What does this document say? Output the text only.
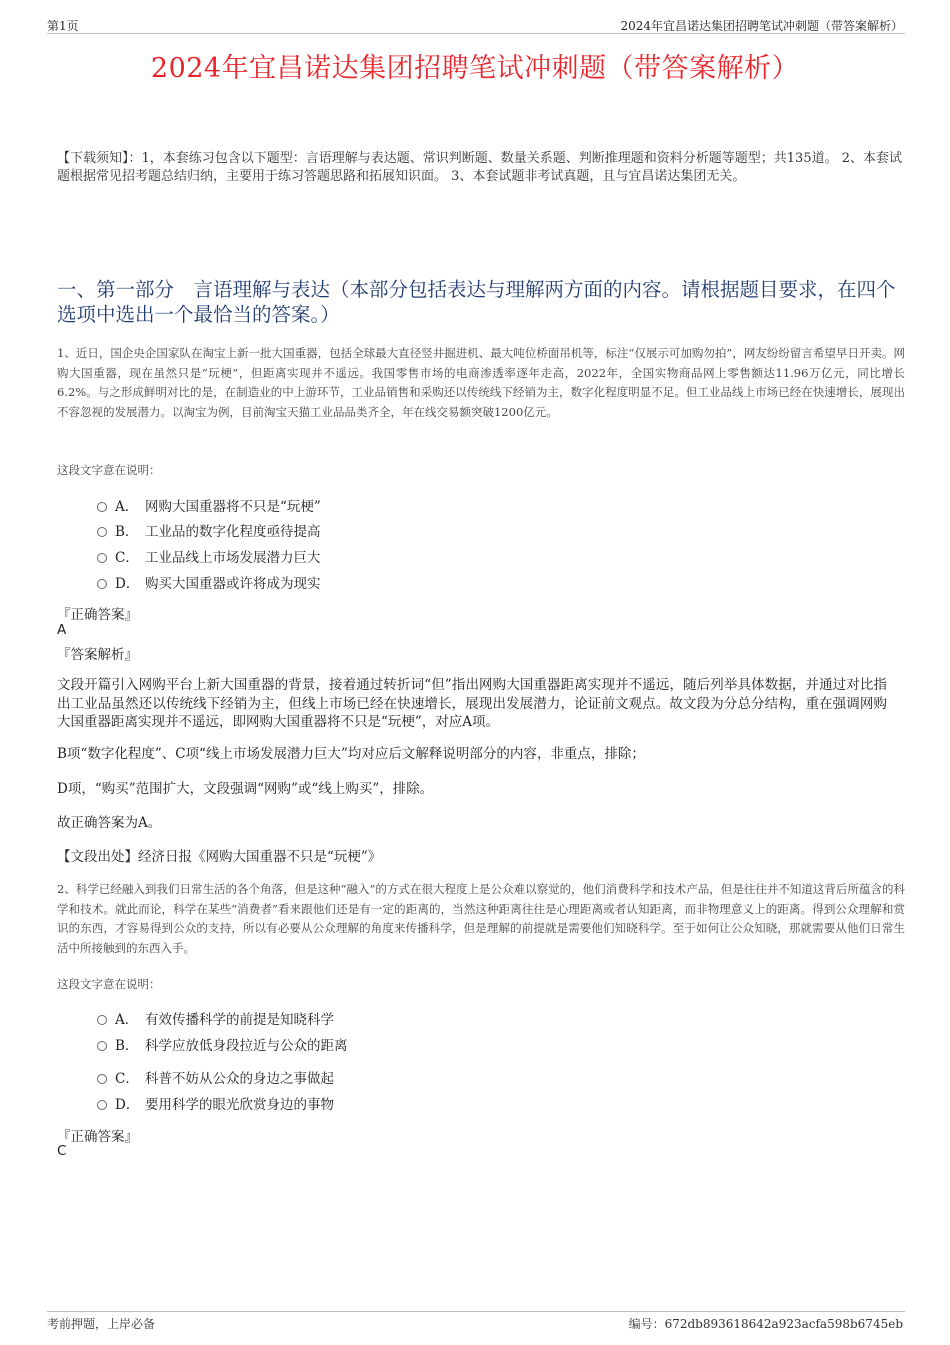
第1页	2024年宜昌诺达集团招聘笔试冲刺题（带答案解析）
2024年宜昌诺达集团招聘笔试冲刺题（带答案解析）
【下载须知】：1，本套练习包含以下题型：言语理解与表达题、常识判断题、数量关系题、判断推理题和资料分析题等题型；共135道。 2、本套试题根据常见招考题总结归纳，主要用于练习答题思路和拓展知识面。 3、本套试题非考试真题，且与宜昌诺达集团无关。
一、第一部分　言语理解与表达（本部分包括表达与理解两方面的内容。请根据题目要求，在四个选项中选出一个最恰当的答案。）
1、近日，国企央企国家队在淘宝上新一批大国重器，包括全球最大直径竖井掘进机、最大吨位桥面吊机等，标注“仅展示可加购勿拍”，网友纷纷留言希望早日开卖。网购大国重器，现在虽然只是“玩梗”，但距离实现并不遥远。我国零售市场的电商渗透率逐年走高，2022年，全国实物商品网上零售额达11.96万亿元，同比增长6.2%。与之形成鲜明对比的是，在制造业的中上游环节，工业品销售和采购还以传统线下经销为主，数字化程度明显不足。但工业品线上市场已经在快速增长，展现出不容忽视的发展潜力。以淘宝为例，目前淘宝天猫工业品品类齐全，年在线交易额突破1200亿元。
这段文字意在说明：
A． 网购大国重器将不只是“玩梗”
B． 工业品的数字化程度亟待提高
C． 工业品线上市场发展潜力巨大
D． 购买大国重器或许将成为现实
『正确答案』
A
『答案解析』
文段开篇引入网购平台上新大国重器的背景，接着通过转折词“但”指出网购大国重器距离实现并不遥远，随后列举具体数据，并通过对比指出工业品虽然还以传统线下经销为主，但线上市场已经在快速增长，展现出发展潜力，论证前文观点。故文段为分总分结构，重在强调网购大国重器距离实现并不遥远，即网购大国重器将不只是“玩梗”，对应A项。
B项“数字化程度”、C项“线上市场发展潜力巨大”均对应后文解释说明部分的内容，非重点，排除；
D项，“购买”范围扩大，文段强调“网购”或“线上购买”，排除。
故正确答案为A。
【文段出处】经济日报《网购大国重器不只是“玩梗”》
2、科学已经融入到我们日常生活的各个角落，但是这种“融入”的方式在很大程度上是公众难以察觉的，他们消费科学和技术产品，但是往往并不知道这背后所蕴含的科学和技术。就此而论，科学在某些“消费者”看来跟他们还是有一定的距离的，当然这种距离往往是心理距离或者认知距离，而非物理意义上的距离。得到公众理解和赏识的东西，才容易得到公众的支持，所以有必要从公众理解的角度来传播科学，但是理解的前提就是需要他们知晓科学。至于如何让公众知晓，那就需要从他们日常生活中所接触到的东西入手。
这段文字意在说明：
A． 有效传播科学的前提是知晓科学
B． 科学应放低身段拉近与公众的距离
C． 科普不妨从公众的身边之事做起
D． 要用科学的眼光欣赏身边的事物
『正确答案』
C
考前押题，上岸必备	编号：672db893618642a923acfa598b6745eb
